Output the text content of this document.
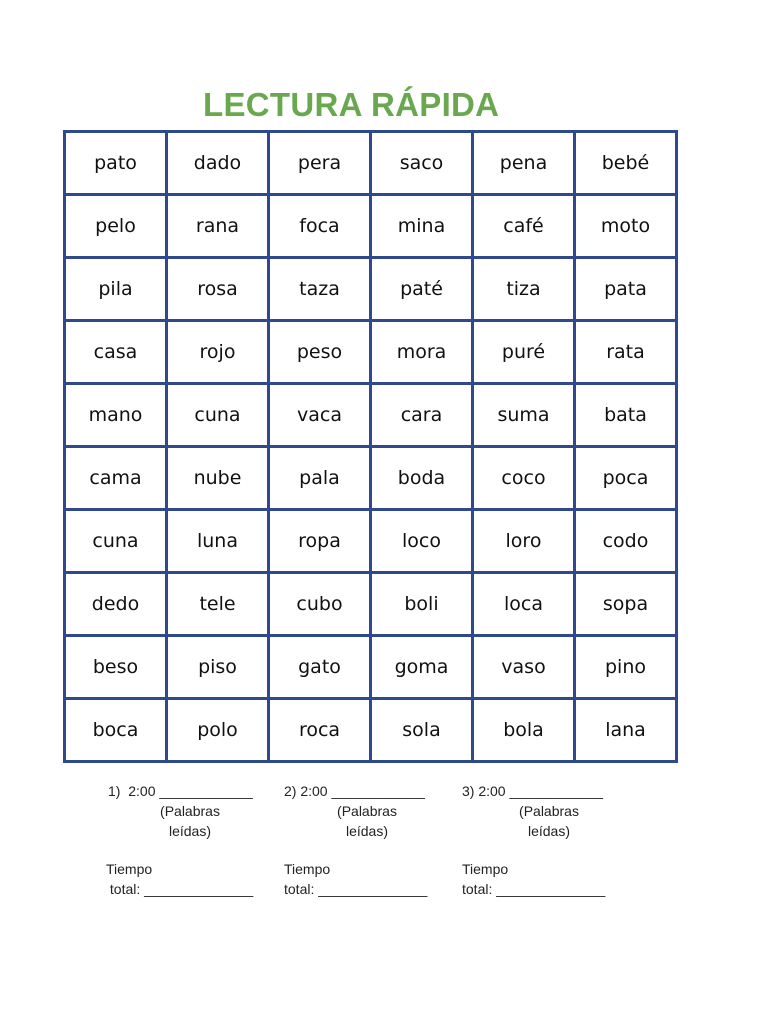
LECTURA RÁPIDA
pato	dado	pera	saco	pena	bebé
pelo	rana	foca	mina	café	moto
pila	rosa	taza	paté	tiza	pata
casa	rojo	peso	mora	puré	rata
mano	cuna	vaca	cara	suma	bata
cama	nube	pala	boda	coco	poca
cuna	luna	ropa	loco	loro	codo
dedo	tele	cubo	boli	loca	sopa
beso	piso	gato	goma	vaso	pino
boca	polo	roca	sola	bola	lana
1)  2:00 ____________
(Palabras
leídas)
2) 2:00 ____________
(Palabras
leídas)
3) 2:00 ____________
(Palabras
leídas)
Tiempo
total: ______________
Tiempo
total: ______________
Tiempo
total: ______________
